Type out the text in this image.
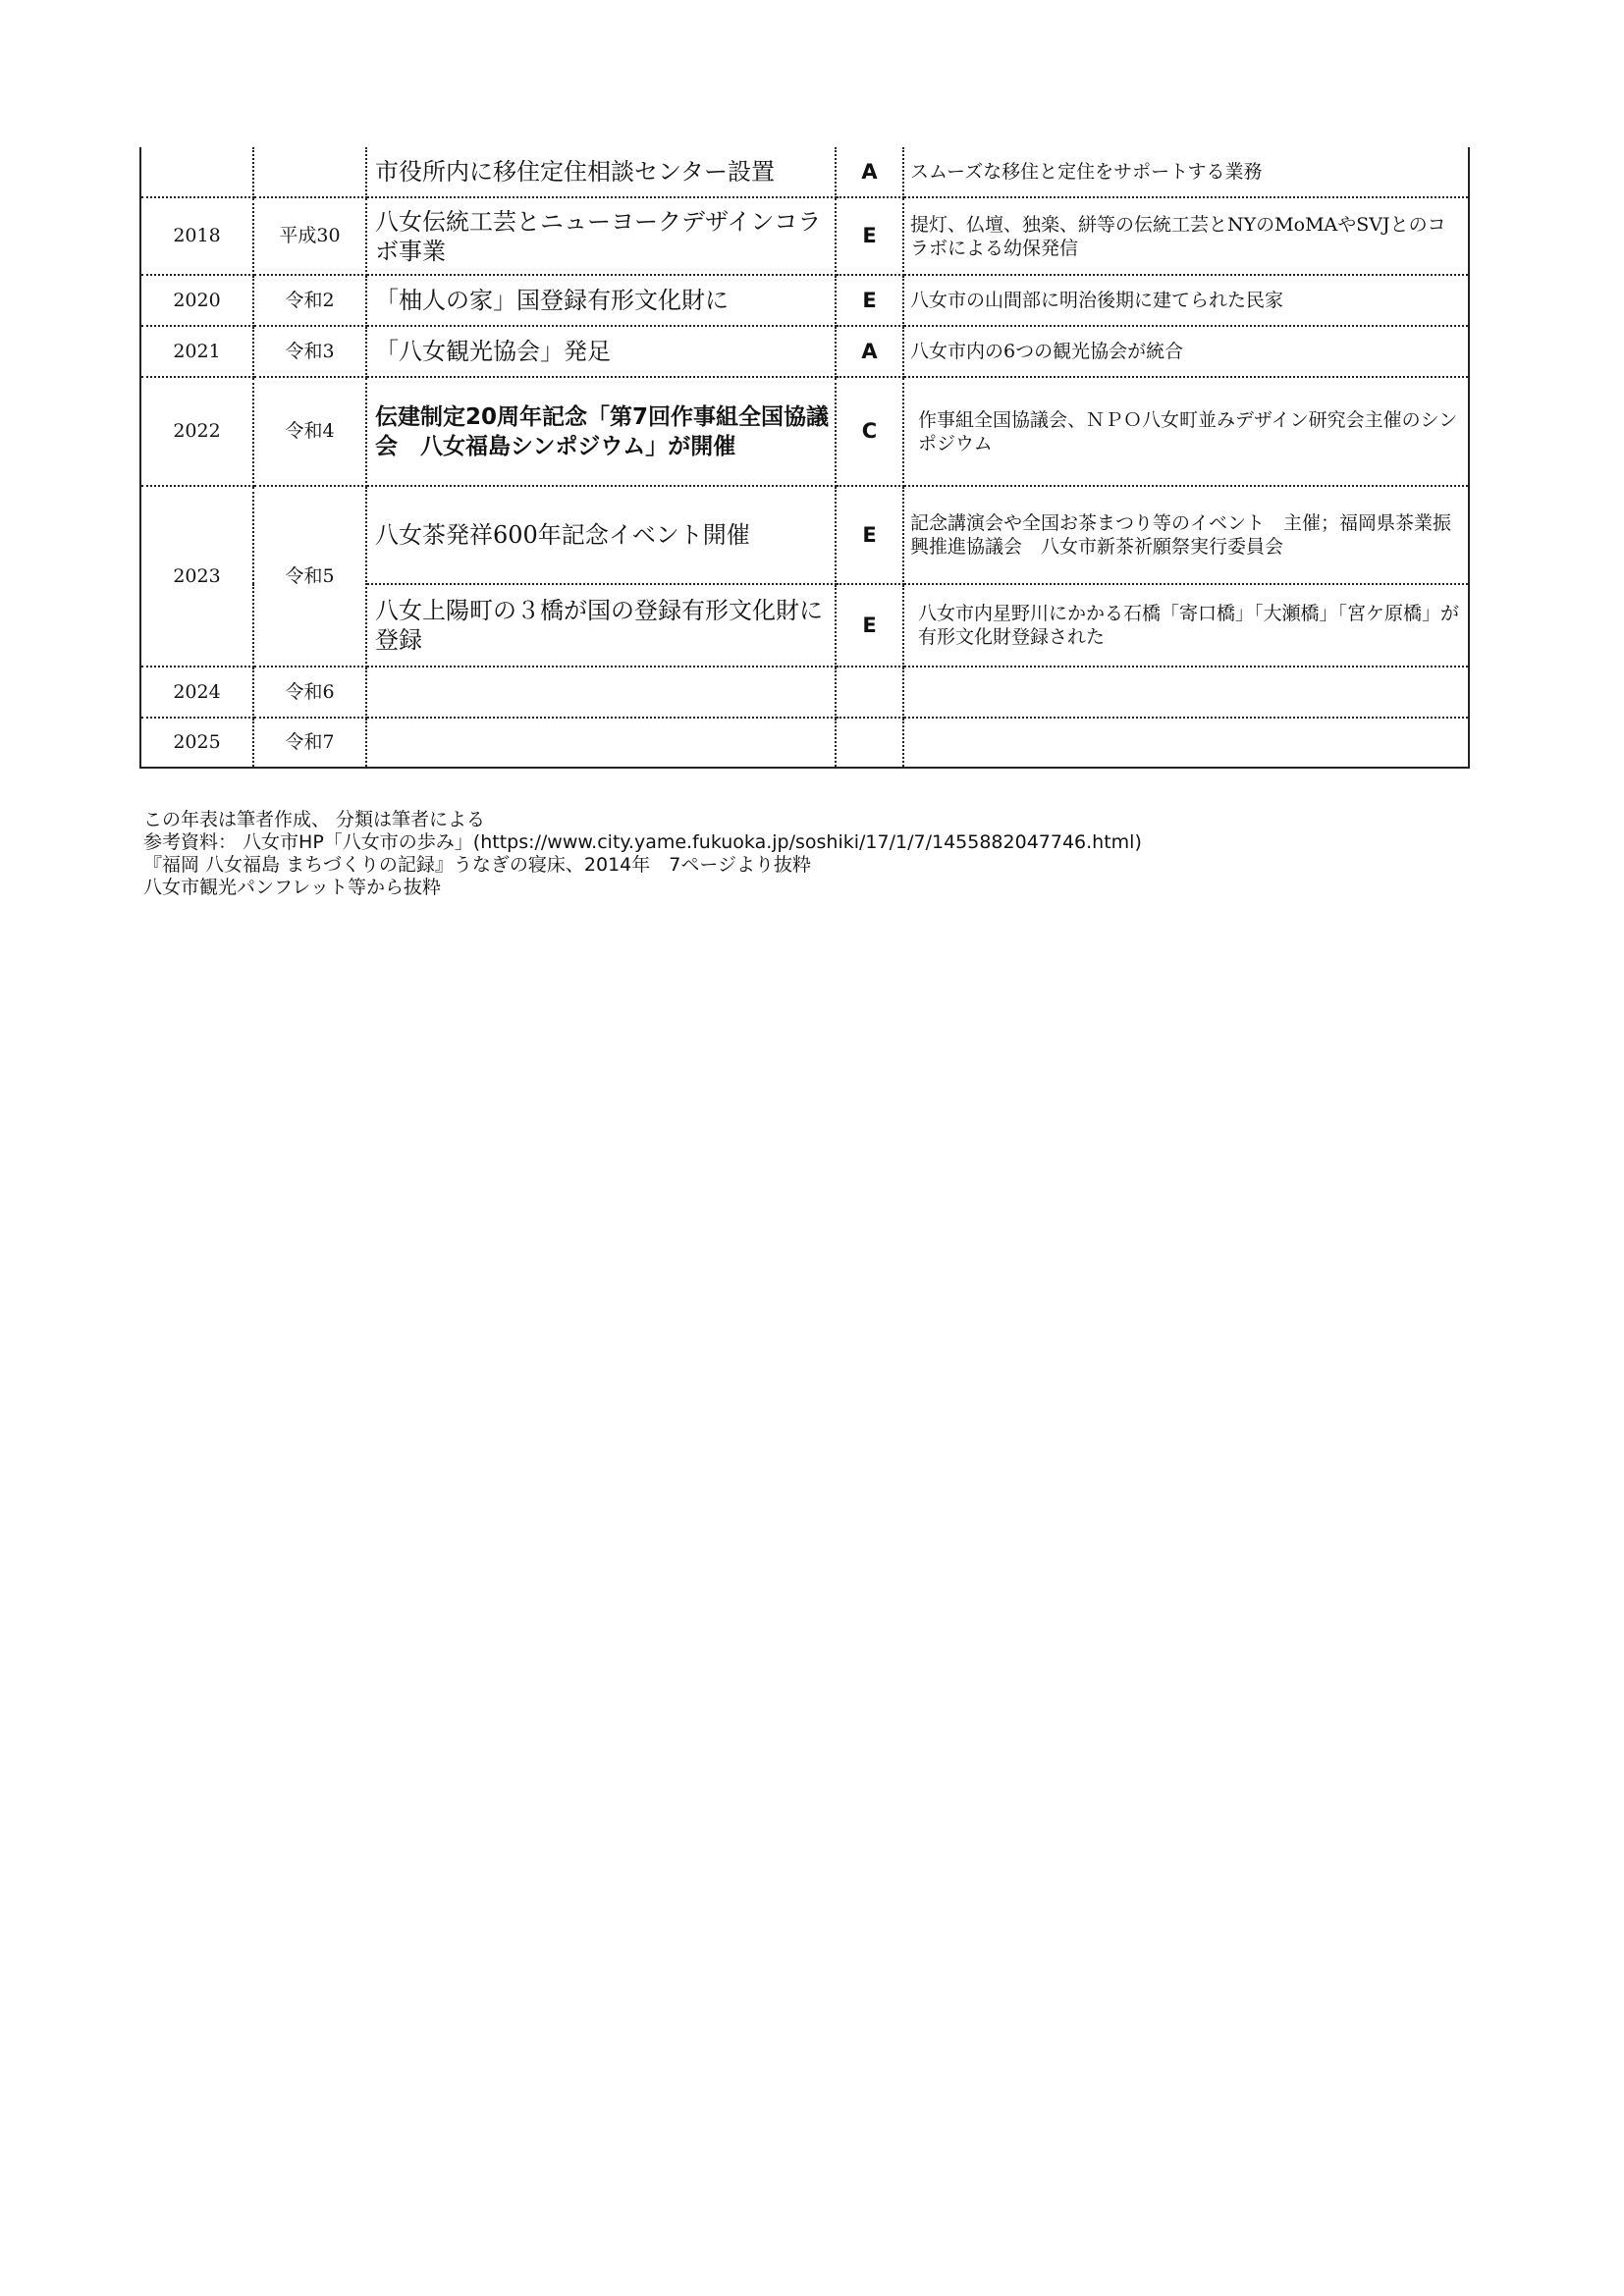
		市役所内に移住定住相談センター設置	A	スムーズな移住と定住をサポートする業務
2018	平成30	八女伝統工芸とニューヨークデザインコラボ事業	E	提灯、仏壇、独楽、絣等の伝統工芸とNYのMoMAやSVJとのコラボによる幼保発信
2020	令和2	「柚人の家」国登録有形文化財に	E	八女市の山間部に明治後期に建てられた民家
2021	令和3	「八女観光協会」発足	A	八女市内の6つの観光協会が統合
2022	令和4	伝建制定20周年記念「第7回作事組全国協議会　八女福島シンポジウム」が開催	C	作事組全国協議会、ＮＰＯ八女町並みデザイン研究会主催のシンポジウム
2023	令和5	八女茶発祥600年記念イベント開催	E	記念講演会や全国お茶まつり等のイベント　主催；福岡県茶業振興推進協議会　八女市新茶祈願祭実行委員会
		八女上陽町の３橋が国の登録有形文化財に登録	E	八女市内星野川にかかる石橋「寄口橋」「大瀬橋」「宮ケ原橋」が有形文化財登録された
2024	令和6			
2025	令和7			
この年表は筆者作成、 分類は筆者による
参考資料： 八女市HP「八女市の歩み」(https://www.city.yame.fukuoka.jp/soshiki/17/1/7/1455882047746.html)
『福岡 八女福島 まちづくりの記録』うなぎの寝床、2014年　7ページより抜粋
八女市観光パンフレット等から抜粋
